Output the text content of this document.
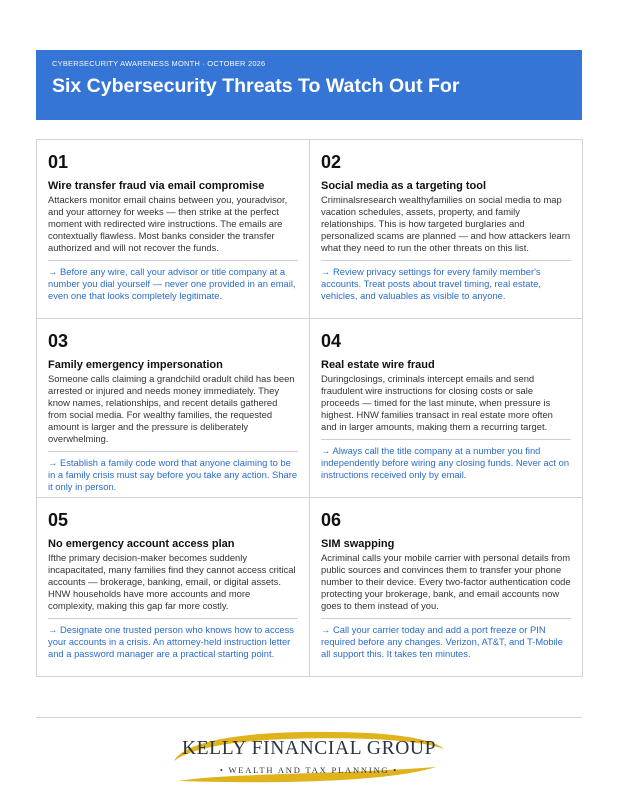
CYBERSECURITY AWARENESS MONTH · OCTOBER 2026
Six Cybersecurity Threats To Watch Out For
01
Wire transfer fraud via email compromise
Attackers monitor email chains between you, youradvisor, and your attorney for weeks — then strike at the perfect moment with redirected wire instructions. The emails are contextually flawless. Most banks consider the transfer authorized and will not recover the funds.
→ Before any wire, call your advisor or title company at a number you dial yourself — never one provided in an email, even one that looks completely legitimate.
02
Social media as a targeting tool
Criminalsresearch wealthyfamilies on social media to map vacation schedules, assets, property, and family relationships. This is how targeted burglaries and personalized scams are planned — and how attackers learn what they need to run the other threats on this list.
→ Review privacy settings for every family member's accounts. Treat posts about travel timing, real estate, vehicles, and valuables as visible to anyone.
03
Family emergency impersonation
Someone calls claiming a grandchild oradult child has been arrested or injured and needs money immediately. They know names, relationships, and recent details gathered from social media. For wealthy families, the requested amount is larger and the pressure is deliberately overwhelming.
→ Establish a family code word that anyone claiming to be in a family crisis must say before you take any action. Share it only in person.
04
Real estate wire fraud
Duringclosings, criminals intercept emails and send fraudulent wire instructions for closing costs or sale proceeds — timed for the last minute, when pressure is highest. HNW families transact in real estate more often and in larger amounts, making them a recurring target.
→ Always call the title company at a number you find independently before wiring any closing funds. Never act on instructions received only by email.
05
No emergency account access plan
Ifthe primary decision-maker becomes suddenly incapacitated, many families find they cannot access critical accounts — brokerage, banking, email, or digital assets. HNW households have more accounts and more complexity, making this gap far more costly.
→ Designate one trusted person who knows how to access your accounts in a crisis. An attorney-held instruction letter and a password manager are a practical starting point.
06
SIM swapping
Acriminal calls your mobile carrier with personal details from public sources and convinces them to transfer your phone number to their device. Every two-factor authentication code protecting your brokerage, bank, and email accounts now goes to them instead of you.
→ Call your carrier today and add a port freeze or PIN required before any changes. Verizon, AT&T, and T-Mobile all support this. It takes ten minutes.
KELLY FINANCIAL GROUP
• WEALTH AND TAX PLANNING •
